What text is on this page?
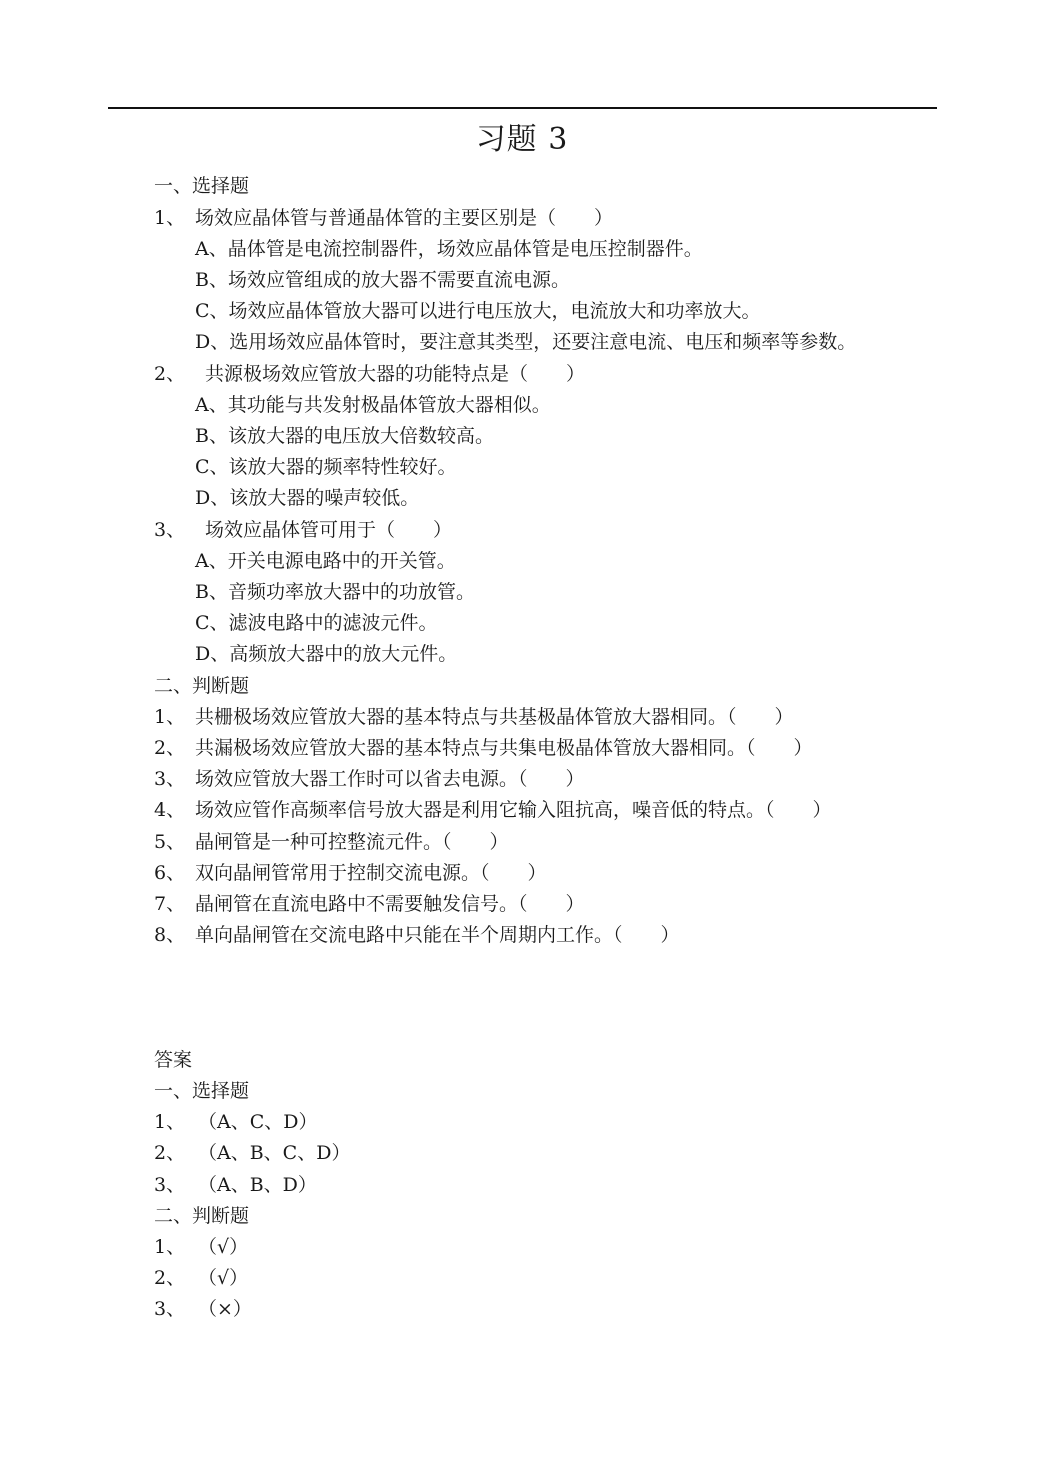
习题 3
一、选择题
1、 场效应晶体管与普通晶体管的主要区别是（　　）
A、晶体管是电流控制器件，场效应晶体管是电压控制器件。
B、场效应管组成的放大器不需要直流电源。
C、场效应晶体管放大器可以进行电压放大，电流放大和功率放大。
D、选用场效应晶体管时，要注意其类型，还要注意电流、电压和频率等参数。
2、 共源极场效应管放大器的功能特点是（　　）
A、其功能与共发射极晶体管放大器相似。
B、该放大器的电压放大倍数较高。
C、该放大器的频率特性较好。
D、该放大器的噪声较低。
3、 场效应晶体管可用于（　　）
A、开关电源电路中的开关管。
B、音频功率放大器中的功放管。
C、滤波电路中的滤波元件。
D、高频放大器中的放大元件。
二、判断题
1、 共栅极场效应管放大器的基本特点与共基极晶体管放大器相同。（　　）
2、 共漏极场效应管放大器的基本特点与共集电极晶体管放大器相同。（　　）
3、 场效应管放大器工作时可以省去电源。（　　）
4、 场效应管作高频率信号放大器是利用它输入阻抗高，噪音低的特点。（　　）
5、 晶闸管是一种可控整流元件。（　　）
6、 双向晶闸管常用于控制交流电源。（　　）
7、 晶闸管在直流电路中不需要触发信号。（　　）
8、 单向晶闸管在交流电路中只能在半个周期内工作。（　　）
答案
一、选择题
1、 （A、C、D）
2、 （A、B、C、D）
3、 （A、B、D）
二、判断题
1、 （√）
2、 （√）
3、 （×）
